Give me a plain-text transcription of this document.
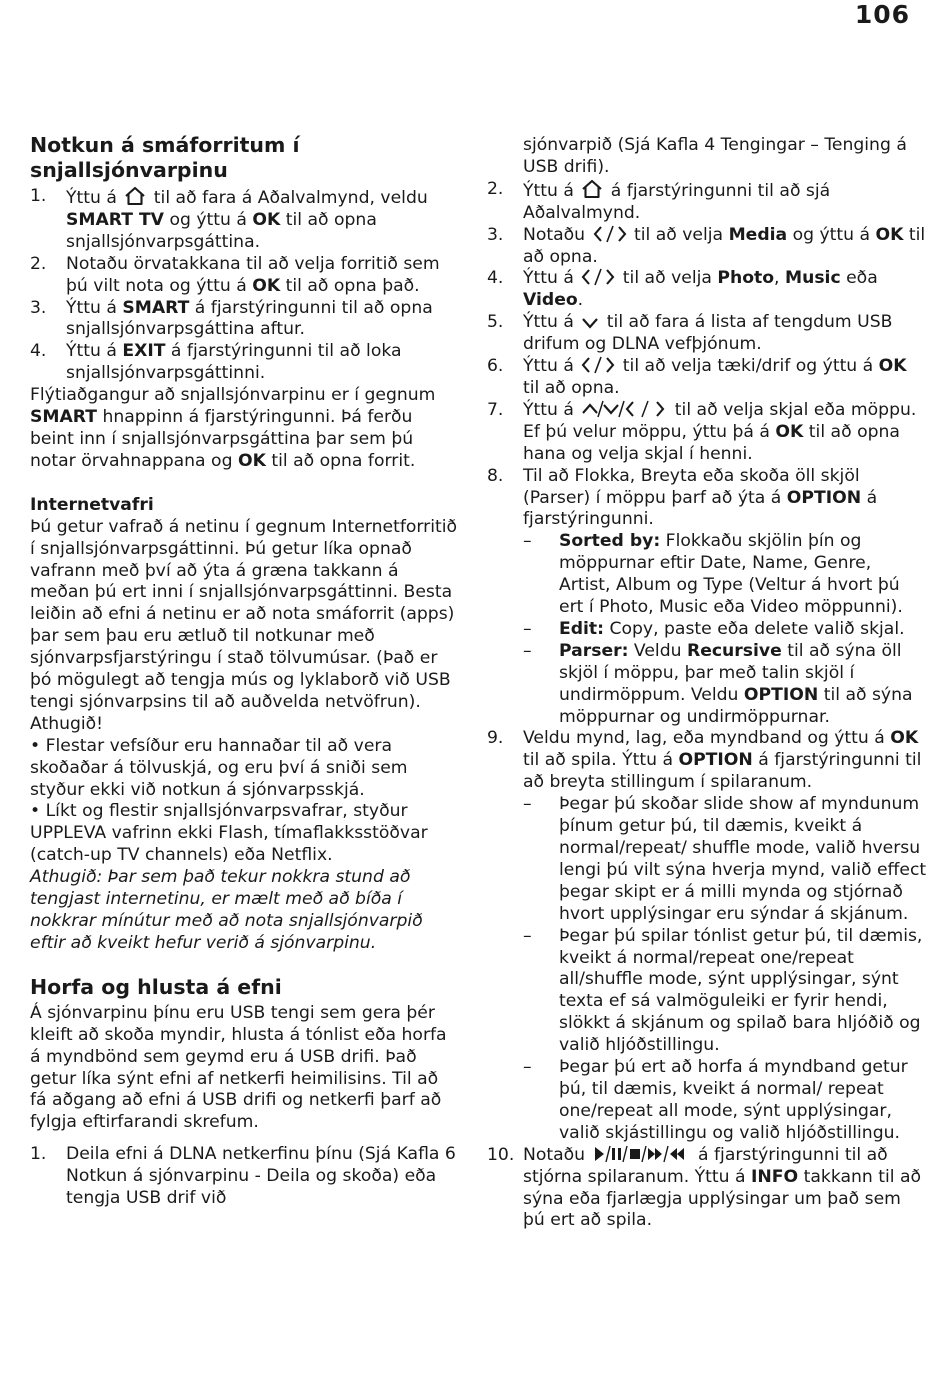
106
Notkun á smáforritum í snjallsjónvarpinu
1. Ýttu á
til að fara á Aðalvalmynd, veldu SMART TV og ýttu á OK til að opna snjallsjónvarpsgáttina.
2. Notaðu örvatakkana til að velja forritið sem þú vilt nota og ýttu á OK til að opna það.
3. Ýttu á SMART á fjarstýringunni til að opna snjallsjónvarpsgáttina aftur.
4. Ýttu á EXIT á fjarstýringunni til að loka snjallsjónvarpsgáttinni.

Flýtiaðgangur að snjallsjónvarpinu er í gegnum SMART hnappinn á fjarstýringunni. Þá ferðu beint inn í snjallsjónvarpsgáttina þar sem þú notar örvahnappana og OK til að opna forrit.

Internetvafri

Þú getur vafrað á netinu í gegnum Internetforritið í snjallsjónvarpsgáttinni. Þú getur líka opnað vafrann með því að ýta á græna takkann á meðan þú ert inni í snjallsjónvarpsgáttinni. Besta leiðin að efni á netinu er að nota smáforrit (apps) þar sem þau eru ætluð til notkunar með sjónvarpsfjarstýringu í stað tölvumúsar. (Það er þó mögulegt að tengja mús og lyklaborð við USB tengi sjónvarpsins til að auðvelda netvöfrun). Athugið!

• Flestar vefsíður eru hannaðar til að vera skoðaðar á tölvuskjá, og eru því á sniði sem styður ekki við notkun á sjónvarpsskjá.

• Líkt og flestir snjallsjónvarpsvafrar, styður UPPLEVA vafrinn ekki Flash, tímaflakksstöðvar (catch-up TV channels) eða Netflix.

Athugið: Þar sem það tekur nokkra stund að tengjast internetinu, er mælt með að bíða í nokkrar mínútur með að nota snjallsjónvarpið eftir að kveikt hefur verið á sjónvarpinu.

Horfa og hlusta á efni

Á sjónvarpinu þínu eru USB tengi sem gera þér kleift að skoða myndir, hlusta á tónlist eða horfa á myndbönd sem geymd eru á USB drifi. Það getur líka sýnt efni af netkerfi heimilisins. Til að fá aðgang að efni á USB drifi og netkerfi þarf að fylgja eftirfarandi skrefum.

1. Deila efni á DLNA netkerfinu þínu (Sjá Kafla 6 Notkun á sjónvarpinu - Deila og skoða) eða tengja USB drif við
sjónvarpið (Sjá Kafla 4 Tengingar – Tenging á USB drifi).
2. Ýttu á
á fjarstýringunni til að sjá Aðalvalmynd.
3. Notaðu
til að velja Media og ýttu á OK til að opna.
4. Ýttu á
til að velja Photo, Music eða Video.
5. Ýttu á
til að fara á lista af tengdum USB drifum og DLNA vefþjónum.
6. Ýttu á
til að velja tæki/drif og ýttu á OK til að opna.
7. Ýttu á	til að velja skjal eða möppu. Ef þú velur möppu, ýttu þá á OK til að opna hana og velja skjal í henni.
8. Til að Flokka, Breyta eða skoða öll skjöl (Parser) í möppu þarf að ýta á OPTION á fjarstýringunni.
– Sorted by: Flokkaðu skjölin þín og möppurnar eftir Date, Name, Genre, Artist, Album og Type (Veltur á hvort þú ert í Photo, Music eða Video möppunni).
– Edit: Copy, paste eða delete valið skjal.
– Parser: Veldu Recursive til að sýna öll skjöl í möppu, þar með talin skjöl í undirmöppum. Veldu OPTION til að sýna möppurnar og undirmöppurnar.
9. Veldu mynd, lag, eða myndband og ýttu á OK til að spila. Ýttu á OPTION á fjarstýringunni til að breyta stillingum í spilaranum.
– Þegar þú skoðar slide show af myndunum þínum getur þú, til dæmis, kveikt á normal/repeat/ shuffle mode, valið hversu lengi þú vilt sýna hverja mynd, valið effect þegar skipt er á milli mynda og stjórnað hvort upplýsingar eru sýndar á skjánum.
– Þegar þú spilar tónlist getur þú, til dæmis, kveikt á normal/repeat one/repeat all/shuffle mode, sýnt upplýsingar, sýnt texta ef sá valmöguleiki er fyrir hendi, slökkt á skjánum og spilað bara hljóðið og valið hljóðstillingu.
– Þegar þú ert að horfa á myndband getur þú, til dæmis, kveikt á normal/ repeat one/repeat all mode, sýnt upplýsingar, valið skjástillingu og valið hljóðstillingu.
10. Notaðu	á fjarstýringunni til að stjórna spilaranum. Ýttu á INFO takkann til að sýna eða fjarlægja upplýsingar um það sem þú ert að spila.
